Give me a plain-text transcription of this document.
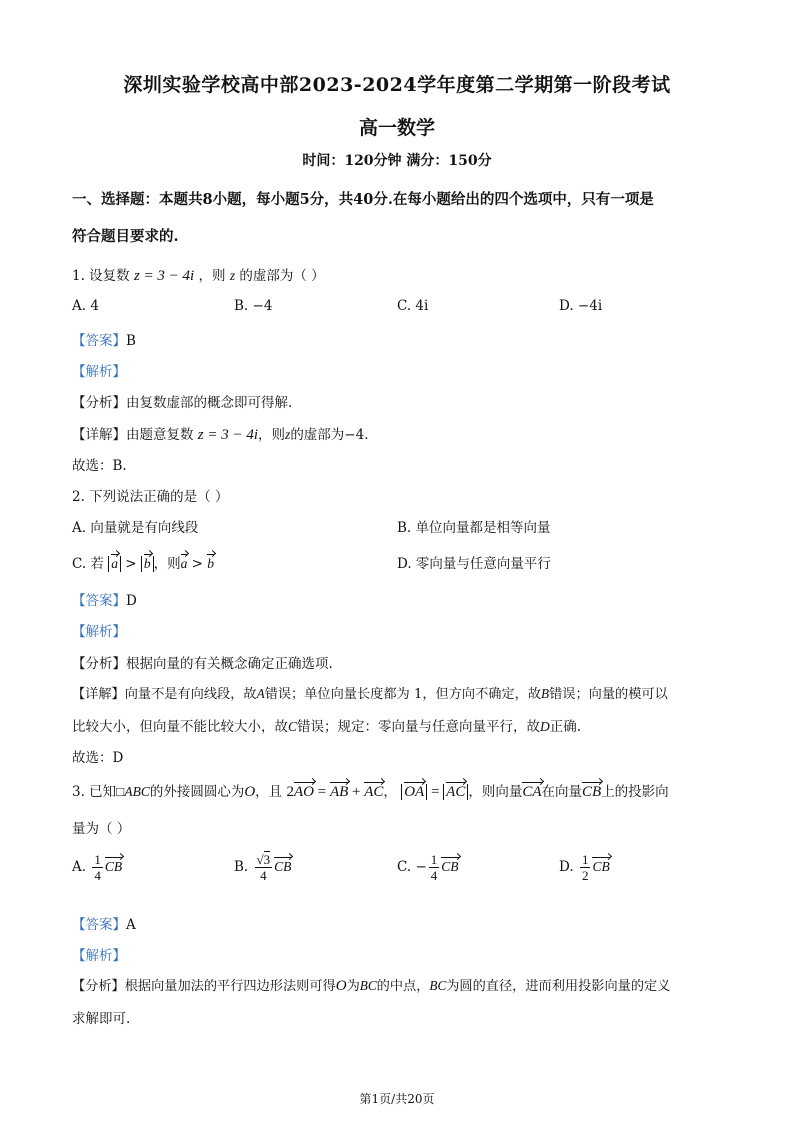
深圳实验学校高中部2023-2024学年度第二学期第一阶段考试
高一数学
时间：120分钟 满分：150分
一、选择题：本题共8小题，每小题5分，共40分.在每小题给出的四个选项中，只有一项是
符合题目要求的.
1. 设复数 z = 3 − 4i ，则 z 的虚部为（ ）
A. 4	B. −4	C. 4i	D. −4i
【答案】B
【解析】
【分析】由复数虚部的概念即可得解.
【详解】由题意复数 z = 3 − 4i，则z的虚部为−4.
故选：B.
2. 下列说法正确的是（ ）
A. 向量就是有向线段	B. 单位向量都是相等向量
C. 若 a > b ，则a > b	D. 零向量与任意向量平行
【答案】D
【解析】
【分析】根据向量的有关概念确定正确选项.
【详解】向量不是有向线段，故A错误；单位向量长度都为 1，但方向不确定，故B错误；向量的模可以
比较大小，但向量不能比较大小，故C错误；规定：零向量与任意向量平行，故D正确.
故选：D
3. 已知□ABC的外接圆圆心为O，且 2AO = AB + AC， OA = AC ，则向量CA在向量CB上的投影向
量为（ ）
A. $\frac{1}{4}$ CB	B. $\frac{√3}{4}$ CB	C. − $\frac{1}{4}$ CB	D. $\frac{1}{2}$ CB
【答案】A
【解析】
【分析】根据向量加法的平行四边形法则可得O为BC的中点，BC为圆的直径，进而利用投影向量的定义
求解即可.
第1页/共20页
